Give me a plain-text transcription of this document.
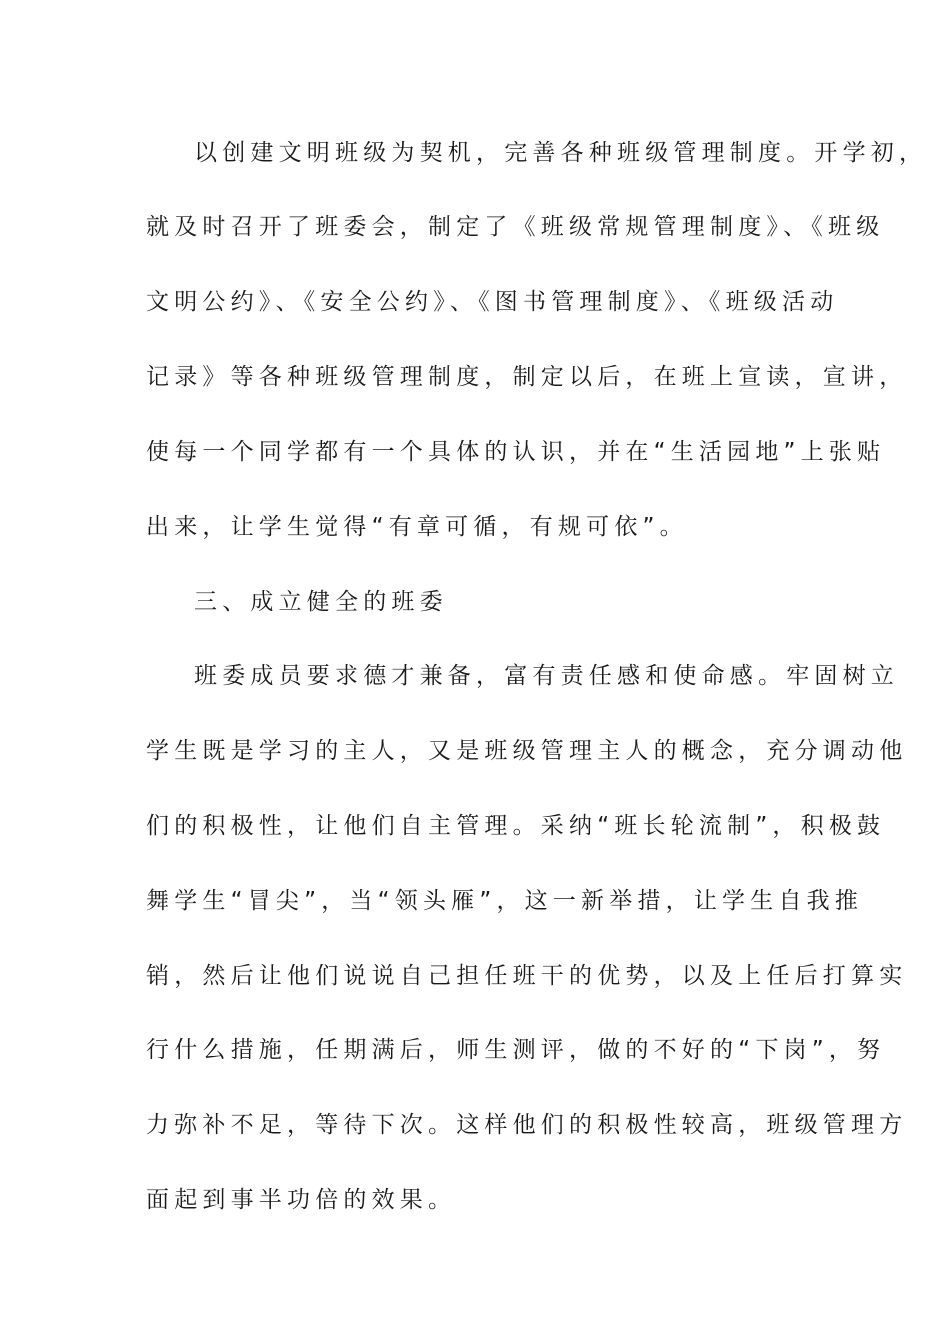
以创建文明班级为契机，完善各种班级管理制度。开学初，
就及时召开了班委会，制定了《班级常规管理制度》、《班级
文明公约》、《安全公约》、《图书管理制度》、《班级活动
记录》等各种班级管理制度，制定以后，在班上宣读，宣讲，
使每一个同学都有一个具体的认识，并在“生活园地”上张贴
出来，让学生觉得“有章可循，有规可依”。
三、成立健全的班委
班委成员要求德才兼备，富有责任感和使命感。牢固树立
学生既是学习的主人，又是班级管理主人的概念，充分调动他
们的积极性，让他们自主管理。采纳“班长轮流制”，积极鼓
舞学生“冒尖”，当“领头雁”，这一新举措，让学生自我推
销，然后让他们说说自己担任班干的优势，以及上任后打算实
行什么措施，任期满后，师生测评，做的不好的“下岗”，努
力弥补不足，等待下次。这样他们的积极性较高，班级管理方
面起到事半功倍的效果。
